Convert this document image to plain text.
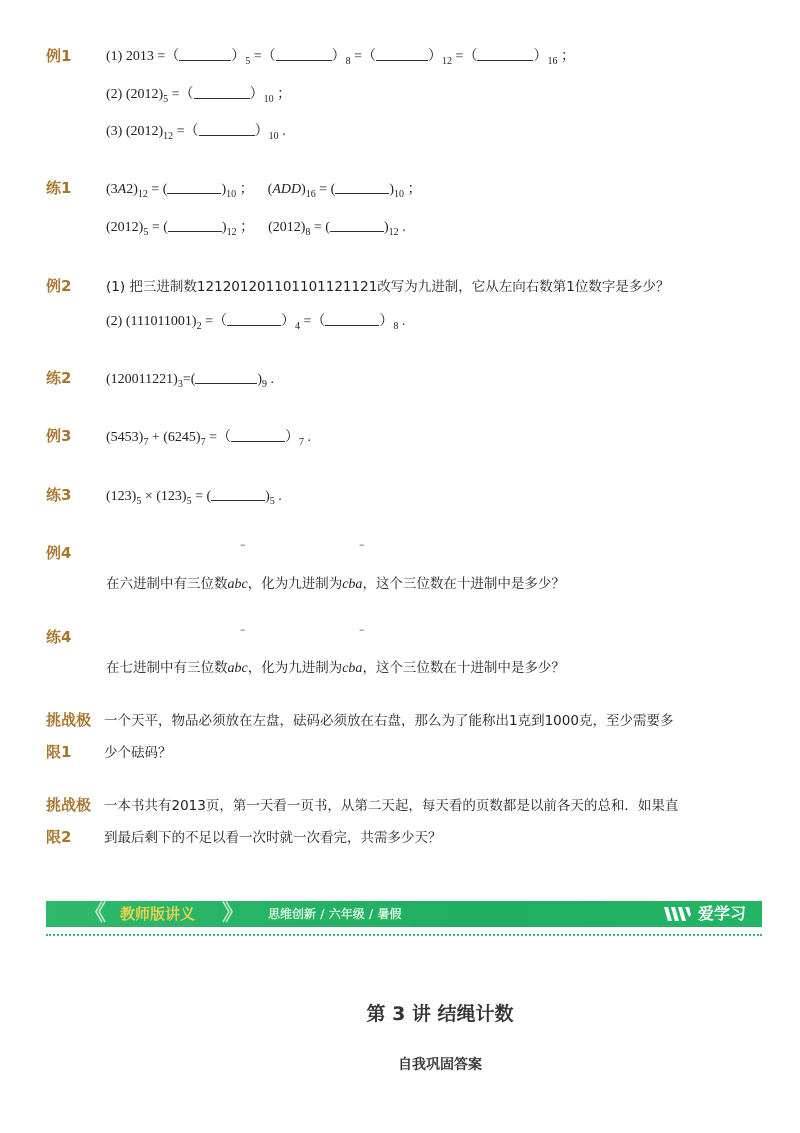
例1 (1) 2013 =（	）$_5$ =（	）$_8$ =（	）$_{12}$ =（	）$_{16}$ ；
(2) $(2012)_5$ =（	）$_{10}$ ；
(3) $(2012)_{12}$ =（	）$_{10}$ .
练1 $(3A2)_{12}$ = (	)$_{10}$ ；    $(ADD)_{16}$ = (	)$_{10}$ ；
$(2012)_5$ = (	)$_{12}$ ；    $(2012)_8$ = (	)$_{12}$ .
例2	(1) 把三进制数121201201101101121121改写为九进制，它从左向右数第1位数字是多少？
(2) $(111011001)_2$ =（	）$_4$ =（	）$_8$ .
练2 $(120011221)_3=$(	)$_9$ .
例3 $(5453)_7 + (6245)_7$ =（	）$_7$ .
练3 $(123)_5 \times (123)_5$ = (	)$_5$ .
例4	–	–
在六进制中有三位数abc，化为九进制为cba，这个三位数在十进制中是多少？
练4	–	–
在七进制中有三位数abc，化为九进制为cba，这个三位数在十进制中是多少？
挑战极
限1
一个天平，物品必须放在左盘，砝码必须放在右盘，那么为了能称出1克到1000克，至少需要多
少个砝码？
挑战极
限2
一本书共有2013页，第一天看一页书，从第二天起，每天看的页数都是以前各天的总和．如果直
到最后剩下的不足以看一次时就一次看完，共需多少天？
《 教师版讲义 》 思维创新 / 六年级 / 暑假	爱学习
第 3 讲 结绳计数
自我巩固答案
